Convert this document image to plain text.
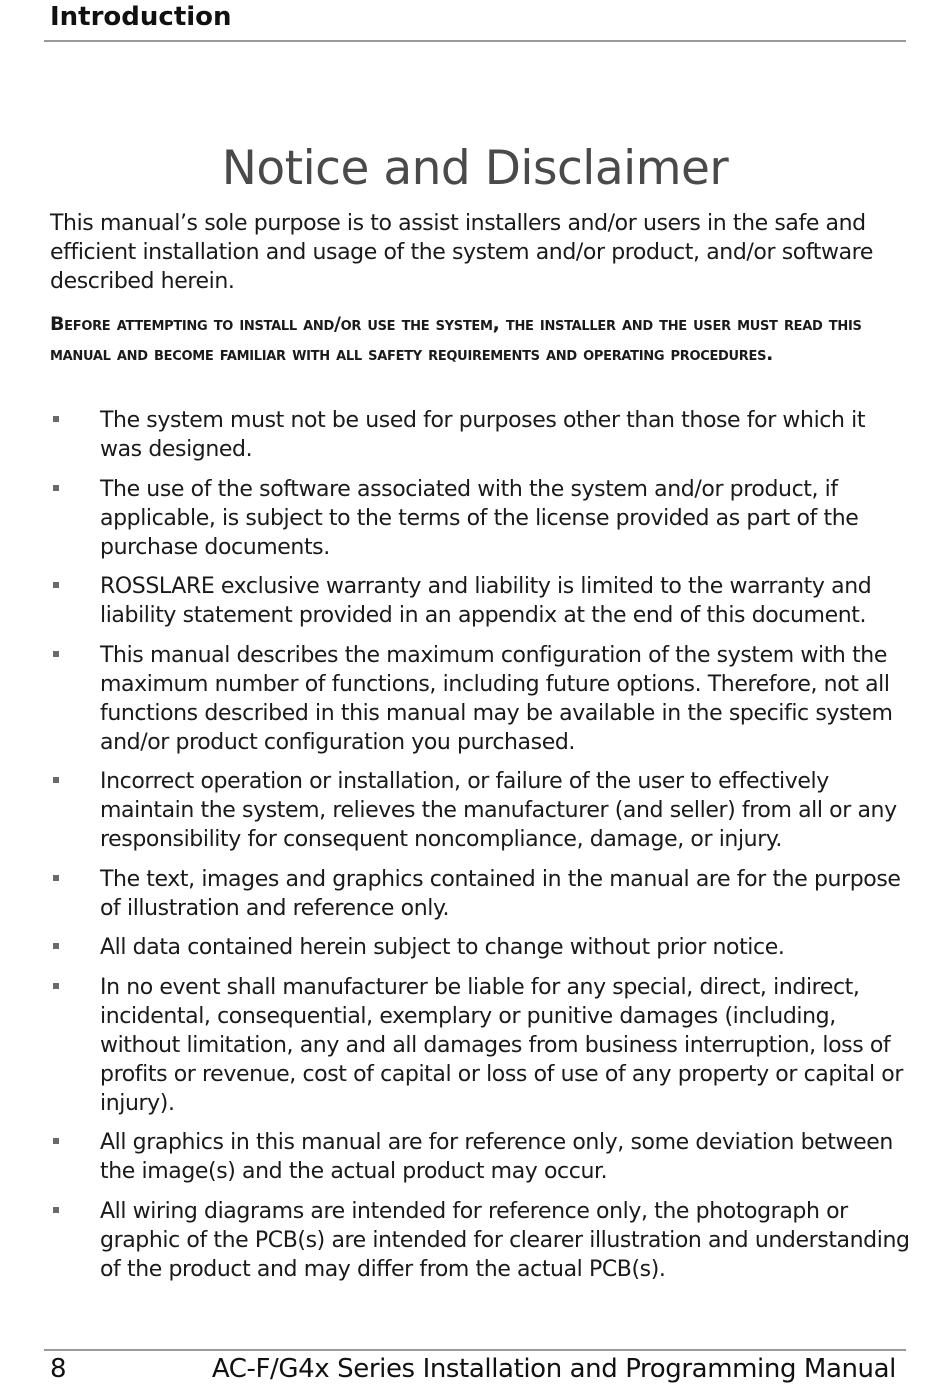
Introduction
Notice and Disclaimer

This manual’s sole purpose is to assist installers and/or users in the safe and efficient installation and usage of the system and/or product, and/or software described herein.

Before attempting to install and/or use the system, the installer and the user must read this manual and become familiar with all safety requirements and operating procedures.

The system must not be used for purposes other than those for which it was designed.
The use of the software associated with the system and/or product, if applicable, is subject to the terms of the license provided as part of the purchase documents.
ROSSLARE exclusive warranty and liability is limited to the warranty and liability statement provided in an appendix at the end of this document.
This manual describes the maximum configuration of the system with the maximum number of functions, including future options. Therefore, not all functions described in this manual may be available in the specific system and/or product configuration you purchased.
Incorrect operation or installation, or failure of the user to effectively maintain the system, relieves the manufacturer (and seller) from all or any responsibility for consequent noncompliance, damage, or injury.
The text, images and graphics contained in the manual are for the purpose of illustration and reference only.
All data contained herein subject to change without prior notice.
In no event shall manufacturer be liable for any special, direct, indirect, incidental, consequential, exemplary or punitive damages (including, without limitation, any and all damages from business interruption, loss of profits or revenue, cost of capital or loss of use of any property or capital or injury).
All graphics in this manual are for reference only, some deviation between the image(s) and the actual product may occur.
All wiring diagrams are intended for reference only, the photograph or graphic of the PCB(s) are intended for clearer illustration and understanding of the product and may differ from the actual PCB(s).
8	AC-F/G4x Series Installation and Programming Manual
